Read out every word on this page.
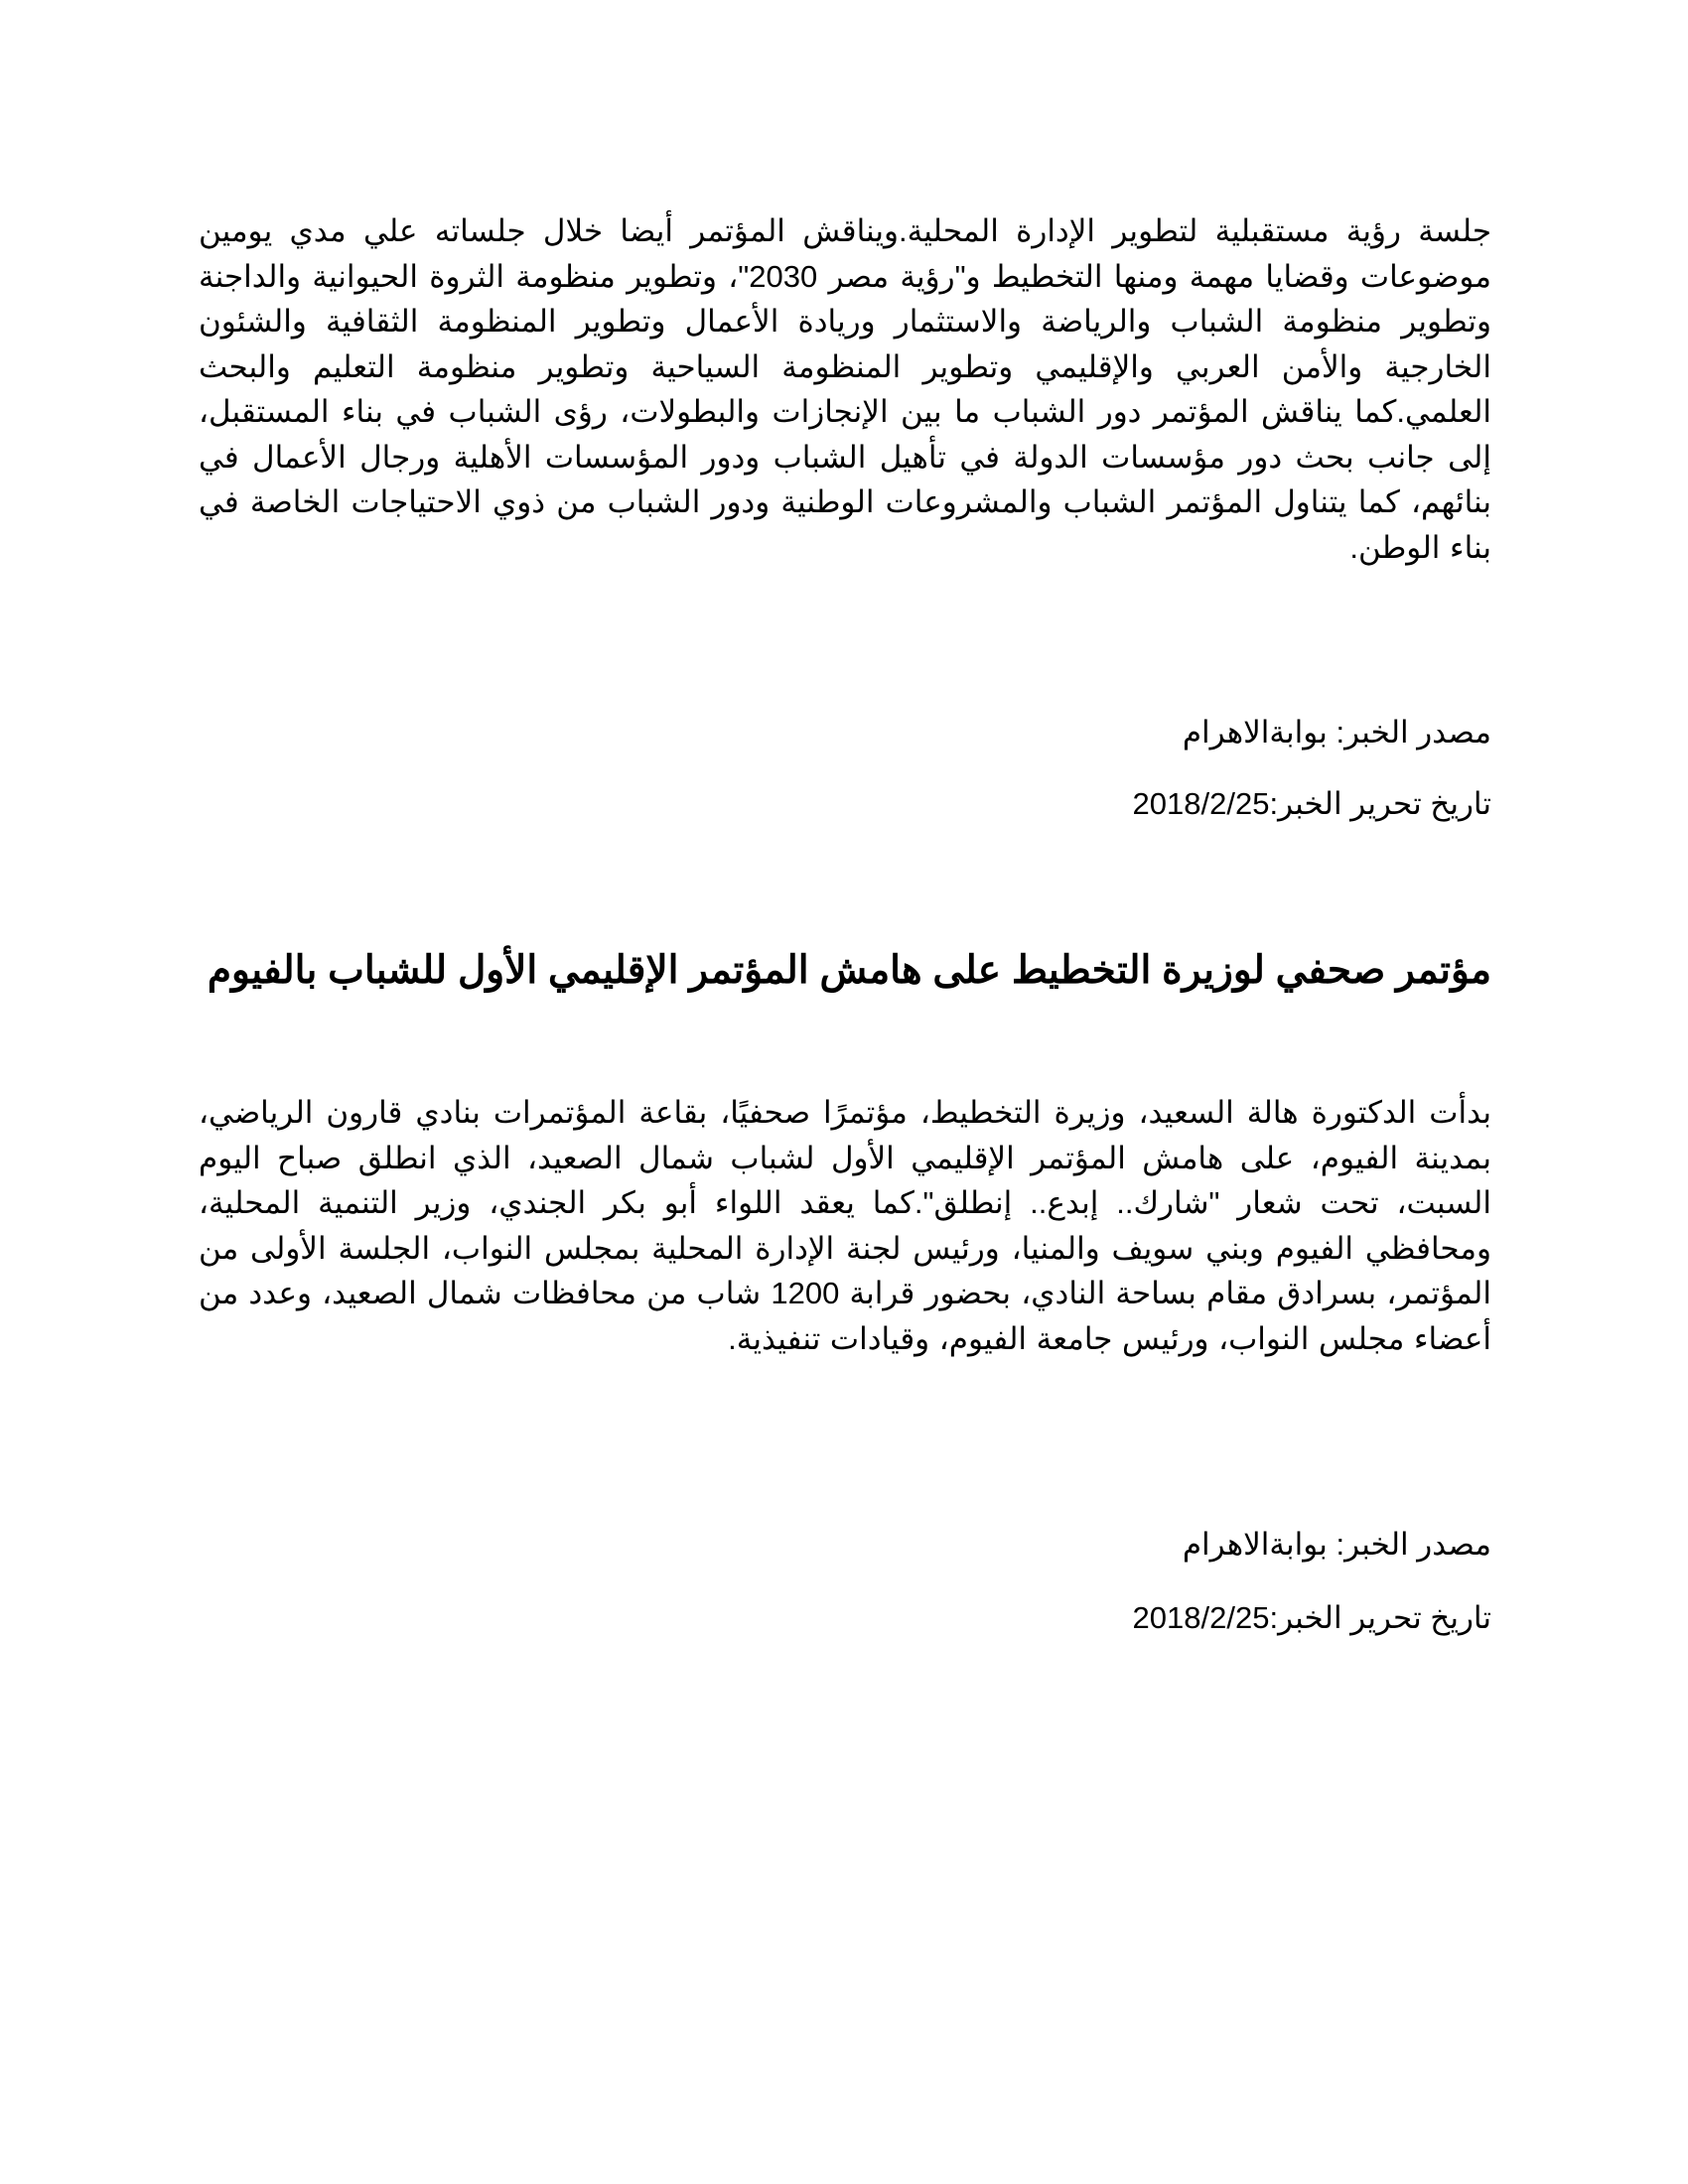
جلسة رؤية مستقبلية لتطوير الإدارة المحلية.ويناقش المؤتمر أيضا خلال جلساته علي مدي يومين موضوعات وقضايا مهمة ومنها التخطيط و"رؤية مصر 2030"، وتطوير منظومة الثروة الحيوانية والداجنة وتطوير منظومة الشباب والرياضة والاستثمار وريادة الأعمال وتطوير المنظومة الثقافية والشئون الخارجية والأمن العربي والإقليمي وتطوير المنظومة السياحية وتطوير منظومة التعليم والبحث العلمي.كما يناقش المؤتمر دور الشباب ما بين الإنجازات والبطولات، رؤى الشباب في بناء المستقبل، إلى جانب بحث دور مؤسسات الدولة في تأهيل الشباب ودور المؤسسات الأهلية ورجال الأعمال في بنائهم، كما يتناول المؤتمر الشباب والمشروعات الوطنية ودور الشباب من ذوي الاحتياجات الخاصة في بناء الوطن.

مصدر الخبر: بوابةالاهرام

تاريخ تحرير الخبر:2018/2/25

مؤتمر صحفي لوزيرة التخطيط على هامش المؤتمر الإقليمي الأول للشباب بالفيوم

بدأت الدكتورة هالة السعيد، وزيرة التخطيط، مؤتمرًا صحفيًا، بقاعة المؤتمرات بنادي قارون الرياضي، بمدينة الفيوم، على هامش المؤتمر الإقليمي الأول لشباب شمال الصعيد، الذي انطلق صباح اليوم السبت، تحت شعار "شارك.. إبدع.. إنطلق".كما يعقد اللواء أبو بكر الجندي، وزير التنمية المحلية، ومحافظي الفيوم وبني سويف والمنيا، ورئيس لجنة الإدارة المحلية بمجلس النواب، الجلسة الأولى من المؤتمر، بسرادق مقام بساحة النادي، بحضور قرابة 1200 شاب من محافظات شمال الصعيد، وعدد من أعضاء مجلس النواب، ورئيس جامعة الفيوم، وقيادات تنفيذية.

مصدر الخبر: بوابةالاهرام

تاريخ تحرير الخبر:2018/2/25
